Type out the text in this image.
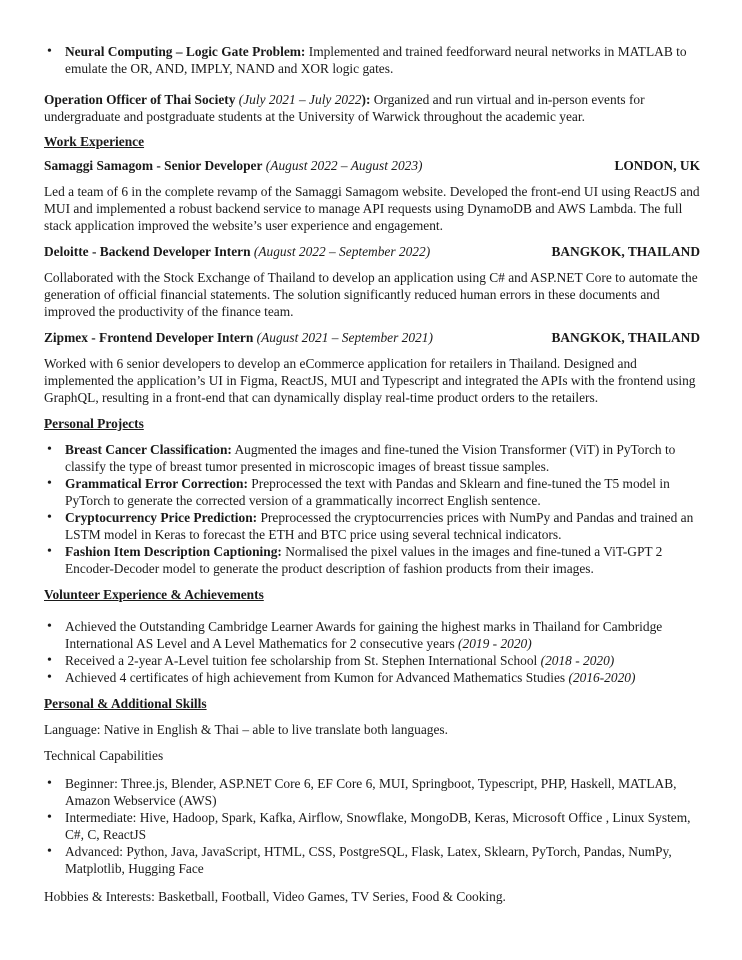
• Neural Computing – Logic Gate Problem: Implemented and trained feedforward neural networks in MATLAB to emulate the OR, AND, IMPLY, NAND and XOR logic gates.

Operation Officer of Thai Society (July 2021 – July 2022): Organized and run virtual and in-person events for undergraduate and postgraduate students at the University of Warwick throughout the academic year.

Work Experience

Samaggi Samagom - Senior Developer (August 2022 – August 2023)	LONDON, UK

Led a team of 6 in the complete revamp of the Samaggi Samagom website. Developed the front-end UI using ReactJS and MUI and implemented a robust backend service to manage API requests using DynamoDB and AWS Lambda. The full stack application improved the website’s user experience and engagement.

Deloitte - Backend Developer Intern (August 2022 – September 2022)	BANGKOK, THAILAND

Collaborated with the Stock Exchange of Thailand to develop an application using C# and ASP.NET Core to automate the generation of official financial statements. The solution significantly reduced human errors in these documents and improved the productivity of the finance team.

Zipmex - Frontend Developer Intern (August 2021 – September 2021)	BANGKOK, THAILAND

Worked with 6 senior developers to develop an eCommerce application for retailers in Thailand. Designed and implemented the application’s UI in Figma, ReactJS, MUI and Typescript and integrated the APIs with the frontend using GraphQL, resulting in a front-end that can dynamically display real-time product orders to the retailers.

Personal Projects

• Breast Cancer Classification: Augmented the images and fine-tuned the Vision Transformer (ViT) in PyTorch to classify the type of breast tumor presented in microscopic images of breast tissue samples.
• Grammatical Error Correction: Preprocessed the text with Pandas and Sklearn and fine-tuned the T5 model in PyTorch to generate the corrected version of a grammatically incorrect English sentence.
• Cryptocurrency Price Prediction: Preprocessed the cryptocurrencies prices with NumPy and Pandas and trained an LSTM model in Keras to forecast the ETH and BTC price using several technical indicators.
• Fashion Item Description Captioning: Normalised the pixel values in the images and fine-tuned a ViT-GPT 2 Encoder-Decoder model to generate the product description of fashion products from their images.

Volunteer Experience & Achievements

• Achieved the Outstanding Cambridge Learner Awards for gaining the highest marks in Thailand for Cambridge International AS Level and A Level Mathematics for 2 consecutive years (2019 - 2020)
• Received a 2-year A-Level tuition fee scholarship from St. Stephen International School (2018 - 2020)
• Achieved 4 certificates of high achievement from Kumon for Advanced Mathematics Studies (2016-2020)

Personal & Additional Skills

Language: Native in English & Thai – able to live translate both languages.

Technical Capabilities

• Beginner: Three.js, Blender, ASP.NET Core 6, EF Core 6, MUI, Springboot, Typescript, PHP, Haskell, MATLAB, Amazon Webservice (AWS)
• Intermediate: Hive, Hadoop, Spark, Kafka, Airflow, Snowflake, MongoDB, Keras, Microsoft Office , Linux System, C#, C, ReactJS
• Advanced: Python, Java, JavaScript, HTML, CSS, PostgreSQL, Flask, Latex, Sklearn, PyTorch, Pandas, NumPy, Matplotlib, Hugging Face

Hobbies & Interests: Basketball, Football, Video Games, TV Series, Food & Cooking.
